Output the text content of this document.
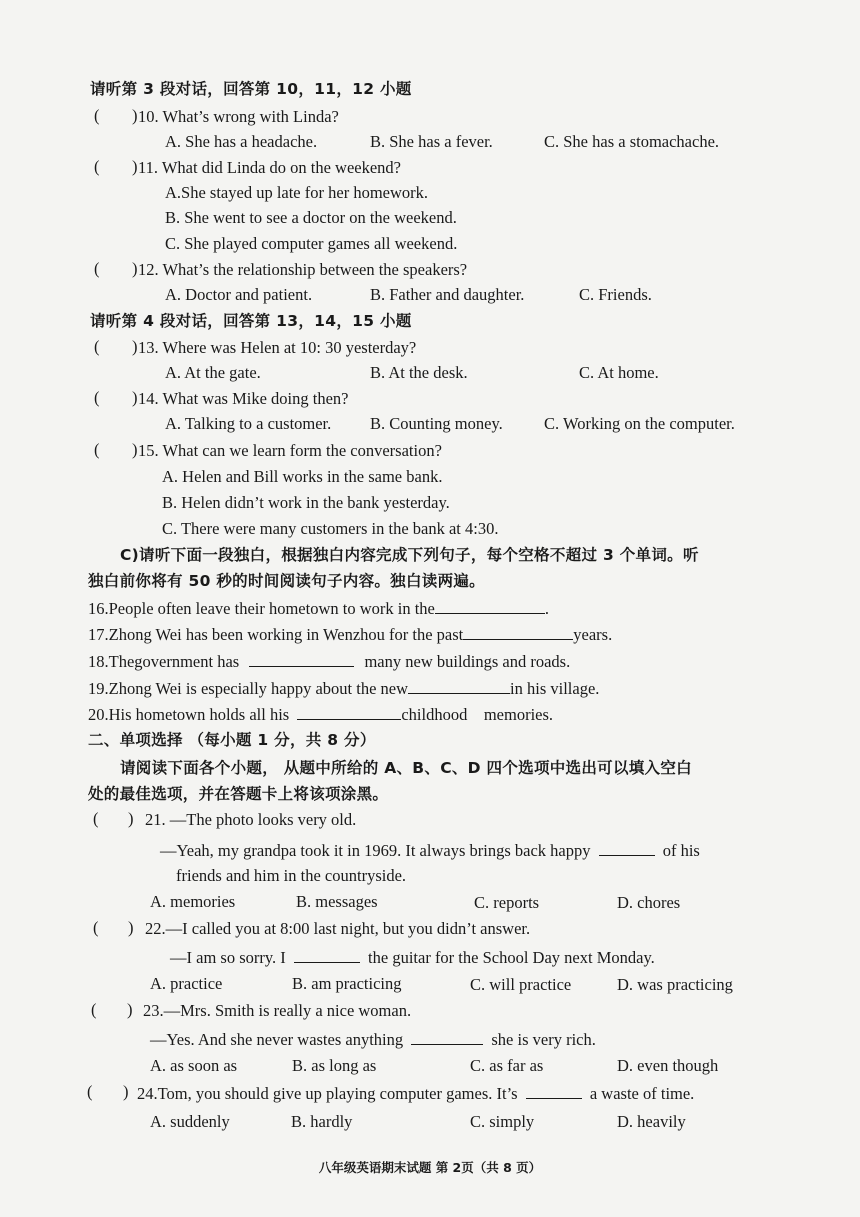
请听第 3 段对话，回答第 10，11，12 小题
( ) 10. What’s wrong with Linda?
A. She has a headache.	B. She has a fever.	C. She has a stomachache.
( ) 11. What did Linda do on the weekend?
A.She stayed up late for her homework.
B. She went to see a doctor on the weekend.
C. She played computer games all weekend.
( ) 12. What’s the relationship between the speakers?
A. Doctor and patient.	B. Father and daughter.	C. Friends.
请听第 4 段对话，回答第 13，14，15 小题
( ) 13. Where was Helen at 10: 30 yesterday?
A. At the gate.	B. At the desk.	C. At home.
( ) 14. What was Mike doing then?
A. Talking to a customer. B. Counting money. C. Working on the computer.
( ) 15. What can we learn form the conversation?
A. Helen and Bill works in the same bank.
B. Helen didn’t work in the bank yesterday.
C. There were many customers in the bank at 4:30.
C)请听下面一段独白，根据独白内容完成下列句子，每个空格不超过 3 个单词。听
独白前你将有 50 秒的时间阅读句子内容。独白读两遍。
16.People often leave their hometown to work in the	.
17.Zhong Wei has been working in Wenzhou for the past	years.
18.Thegovernment has	many new buildings and roads.
19.Zhong Wei is especially happy about the new	in his village.
20.His hometown holds all his	childhood    memories.
二、单项选择 （每小题 1 分，共 8 分）
请阅读下面各个小题， 从题中所给的 A、B、C、D 四个选项中选出可以填入空白
处的最佳选项，并在答题卡上将该项涂黑。
( ) 21. —The photo looks very old.
—Yeah, my grandpa took it in 1969. It always brings back happy	of his
friends and him in the countryside.
A. memories	B. messages	C. reports	D. chores
( ) 22.—I called you at 8:00 last night, but you didn’t answer.
—I am so sorry. I	the guitar for the School Day next Monday.
A. practice	B. am practicing	C. will practice	D. was practicing
( ) 23.—Mrs. Smith is really a nice woman.
—Yes. And she never wastes anything	she is very rich.
A. as soon as	B. as long as	C. as far as	D. even though
( ) 24.Tom, you should give up playing computer games. It’s	a waste of time.
A. suddenly	B. hardly	C. simply	D. heavily
八年级英语期末试题 第 2页（共 8 页）
